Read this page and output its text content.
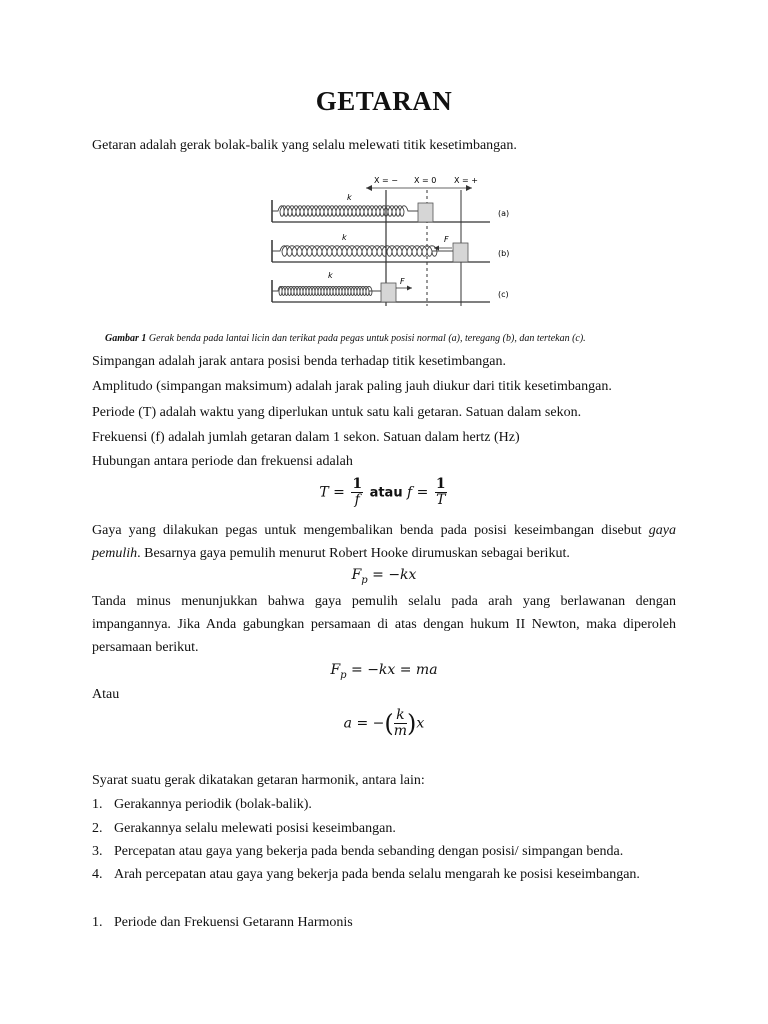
GETARAN
Getaran adalah gerak bolak-balik yang selalu melewati titik kesetimbangan.
X = − X = 0 X = +
k
(a)
k	F
(b)
k
F
(c)
Gambar 1 Gerak benda pada lantai licin dan terikat pada pegas untuk posisi normal (a), teregang (b), dan tertekan (c).
Simpangan adalah jarak antara posisi benda terhadap titik kesetimbangan.
Amplitudo (simpangan maksimum) adalah jarak paling jauh diukur dari titik kesetimbangan.
Periode (T) adalah waktu yang diperlukan untuk satu kali getaran. Satuan dalam sekon.
Frekuensi (f) adalah jumlah getaran dalam 1 sekon. Satuan dalam hertz (Hz)
Hubungan antara periode dan frekuensi adalah
$T = \frac{1}{f}$ atau $f = \frac{1}{T}$
Gaya yang dilakukan pegas untuk mengembalikan benda pada posisi keseimbangan disebut gaya
pemulih. Besarnya gaya pemulih menurut Robert Hooke dirumuskan sebagai berikut.
$F_p = -kx$
Tanda minus menunjukkan bahwa gaya pemulih selalu pada arah yang berlawanan dengan
impangannya. Jika Anda gabungkan persamaan di atas dengan hukum II Newton, maka diperoleh
persamaan berikut.
$F_p = -kx$ = ma
Atau
a = −( $\frac{k}{m} )x$
Syarat suatu gerak dikatakan getaran harmonik, antara lain:
1. Gerakannya periodik (bolak-balik).
2. Gerakannya selalu melewati posisi keseimbangan.
3. Percepatan atau gaya yang bekerja pada benda sebanding dengan posisi/ simpangan benda.
4. Arah percepatan atau gaya yang bekerja pada benda selalu mengarah ke posisi keseimbangan.
1. Periode dan Frekuensi Getarann Harmonis
